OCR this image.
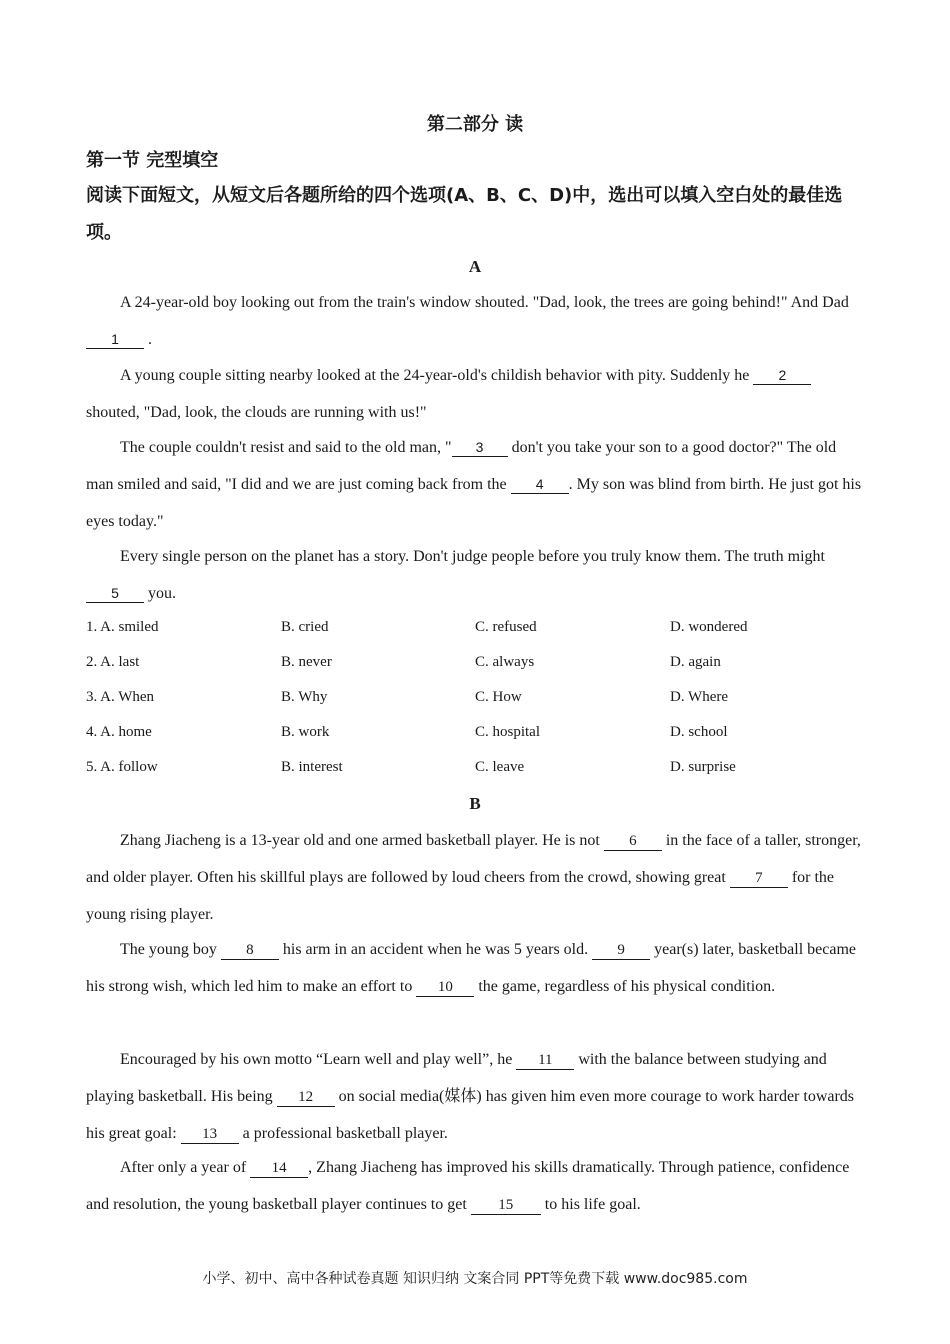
第二部分 读
第一节 完型填空
阅读下面短文，从短文后各题所给的四个选项(A、B、C、D)中，选出可以填入空白处的最佳选项。
A
A 24-year-old boy looking out from the train's window shouted. "Dad, look, the trees are going behind!" And Dad 1 .
A young couple sitting nearby looked at the 24-year-old's childish behavior with pity. Suddenly he 2 shouted, "Dad, look, the clouds are running with us!"
The couple couldn't resist and said to the old man, " 3 don't you take your son to a good doctor?" The old man smiled and said, "I did and we are just coming back from the 4 . My son was blind from birth. He just got his eyes today."
Every single person on the planet has a story. Don't judge people before you truly know them. The truth might 5 you.
1. A. smiled	B. cried	C. refused	D. wondered
2. A. last	B. never	C. always	D. again
3. A. When	B. Why	C. How	D. Where
4. A. home	B. work	C. hospital	D. school
5. A. follow	B. interest	C. leave	D. surprise
B
Zhang Jiacheng is a 13-year old and one armed basketball player. He is not 6 in the face of a taller, stronger, and older player. Often his skillful plays are followed by loud cheers from the crowd, showing great 7 for the young rising player.
The young boy 8 his arm in an accident when he was 5 years old. 9 year(s) later, basketball became his strong wish, which led him to make an effort to 10 the game, regardless of his physical condition.
Encouraged by his own motto “Learn well and play well”, he 11 with the balance between studying and playing basketball. His being 12 on social media(媒体) has given him even more courage to work harder towards his great goal: 13 a professional basketball player.
After only a year of 14 , Zhang Jiacheng has improved his skills dramatically. Through patience, confidence and resolution, the young basketball player continues to get 15 to his life goal.
小学、初中、高中各种试卷真题 知识归纳 文案合同 PPT等免费下载 www.doc985.com
